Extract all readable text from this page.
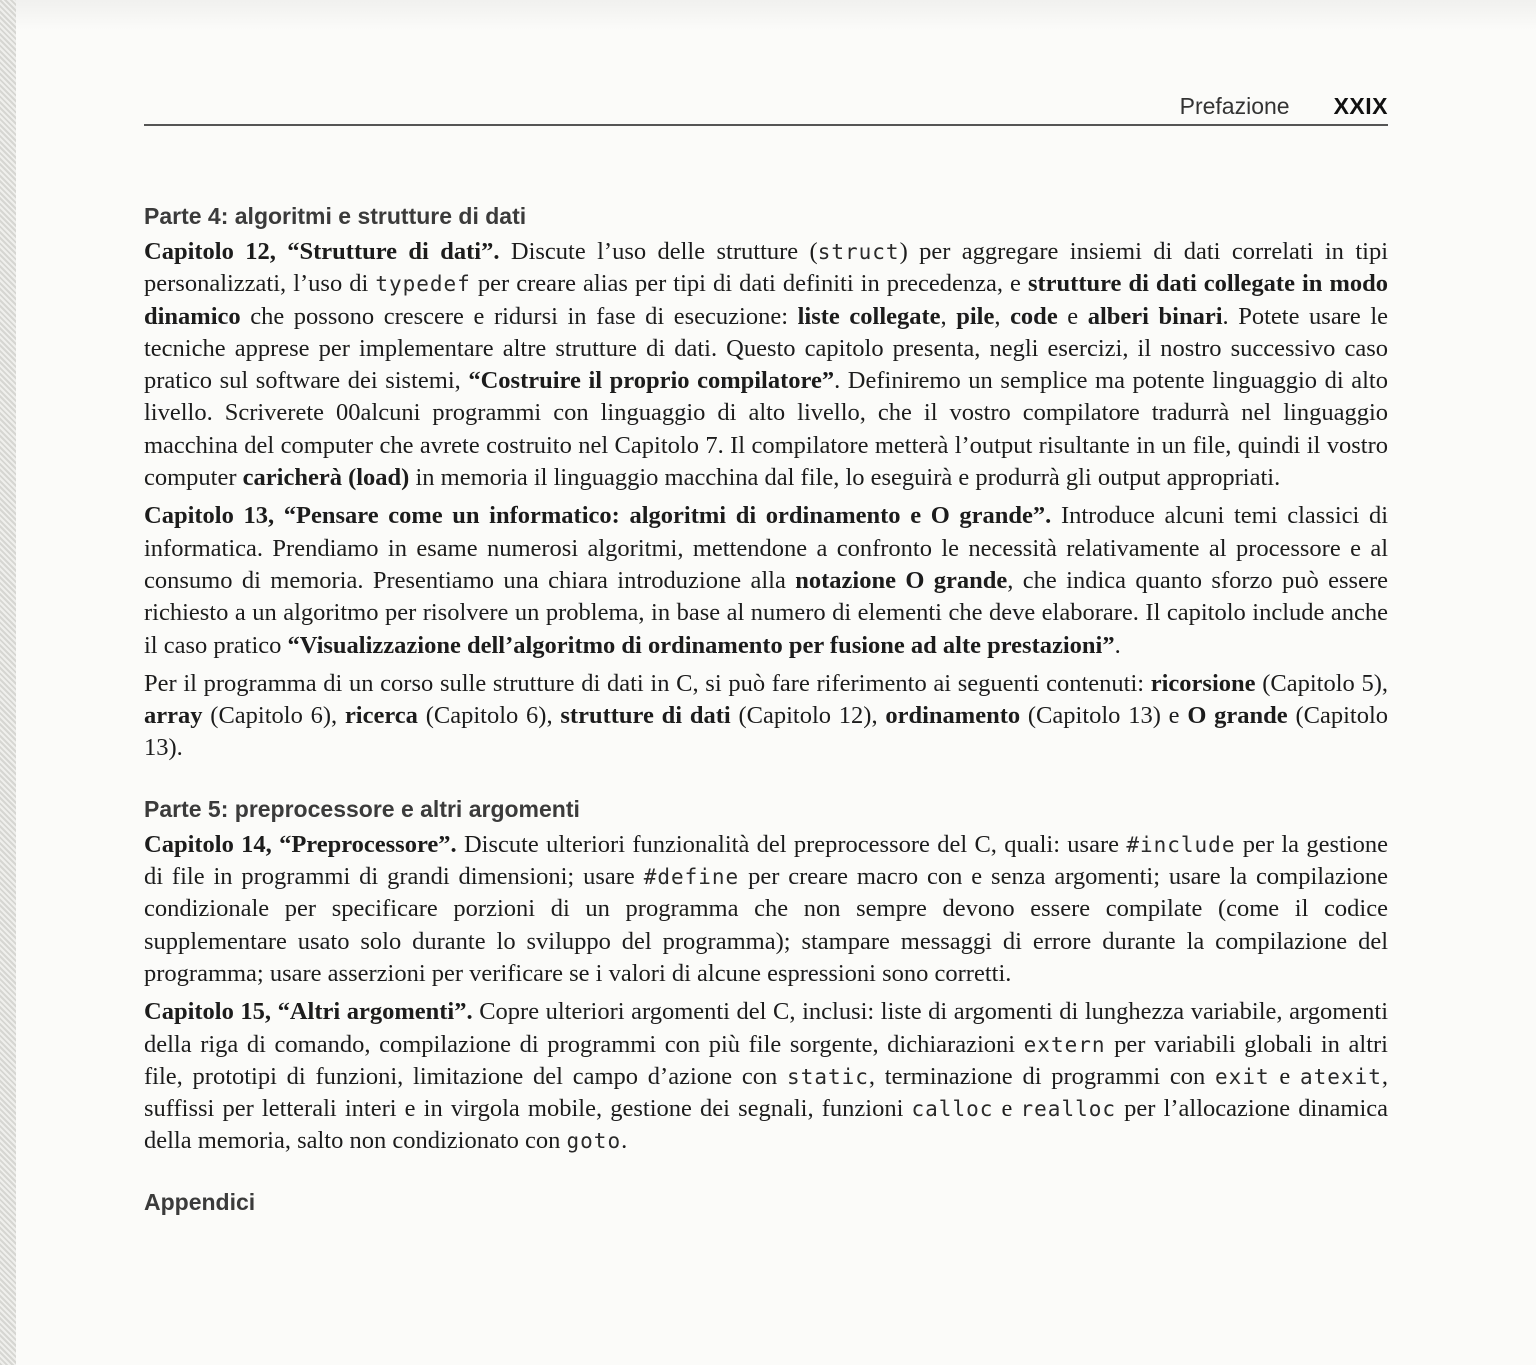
Prefazione XXIX
Parte 4: algoritmi e strutture di dati

Capitolo 12, “Strutture di dati”. Discute l’uso delle strutture (struct) per aggregare insiemi di dati correlati in tipi personalizzati, l’uso di typedef per creare alias per tipi di dati definiti in precedenza, e strutture di dati collegate in modo dinamico che possono crescere e ridursi in fase di esecuzione: liste collegate, pile, code e alberi binari. Potete usare le tecniche apprese per implementare altre strutture di dati. Questo capitolo presenta, negli esercizi, il nostro successivo caso pratico sul software dei sistemi, “Costruire il proprio compilatore”. Definiremo un semplice ma potente linguaggio di alto livello. Scriverete 00alcuni programmi con linguaggio di alto livello, che il vostro compilatore tradurrà nel linguaggio macchina del computer che avrete costruito nel Capitolo 7. Il compilatore metterà l’output risultante in un file, quindi il vostro computer caricherà (load) in memoria il linguaggio macchina dal file, lo eseguirà e produrrà gli output appropriati.

Capitolo 13, “Pensare come un informatico: algoritmi di ordinamento e O grande”. Introduce alcuni temi classici di informatica. Prendiamo in esame numerosi algoritmi, mettendone a confronto le necessità relativamente al processore e al consumo di memoria. Presentiamo una chiara introduzione alla notazione O grande, che indica quanto sforzo può essere richiesto a un algoritmo per risolvere un problema, in base al numero di elementi che deve elaborare. Il capitolo include anche il caso pratico “Visualizzazione dell’algoritmo di ordinamento per fusione ad alte prestazioni”.

Per il programma di un corso sulle strutture di dati in C, si può fare riferimento ai seguenti contenuti: ricorsione (Capitolo 5), array (Capitolo 6), ricerca (Capitolo 6), strutture di dati (Capitolo 12), ordinamento (Capitolo 13) e O grande (Capitolo 13).

Parte 5: preprocessore e altri argomenti

Capitolo 14, “Preprocessore”. Discute ulteriori funzionalità del preprocessore del C, quali: usare #include per la gestione di file in programmi di grandi dimensioni; usare #define per creare macro con e senza argomenti; usare la compilazione condizionale per specificare porzioni di un programma che non sempre devono essere compilate (come il codice supplementare usato solo durante lo sviluppo del programma); stampare messaggi di errore durante la compilazione del programma; usare asserzioni per verificare se i valori di alcune espressioni sono corretti.

Capitolo 15, “Altri argomenti”. Copre ulteriori argomenti del C, inclusi: liste di argomenti di lunghezza variabile, argomenti della riga di comando, compilazione di programmi con più file sorgente, dichiarazioni extern per variabili globali in altri file, prototipi di funzioni, limitazione del campo d’azione con static, terminazione di programmi con exit e atexit, suffissi per letterali interi e in virgola mobile, gestione dei segnali, funzioni calloc e realloc per l’allocazione dinamica della memoria, salto non condizionato con goto.

Appendici
